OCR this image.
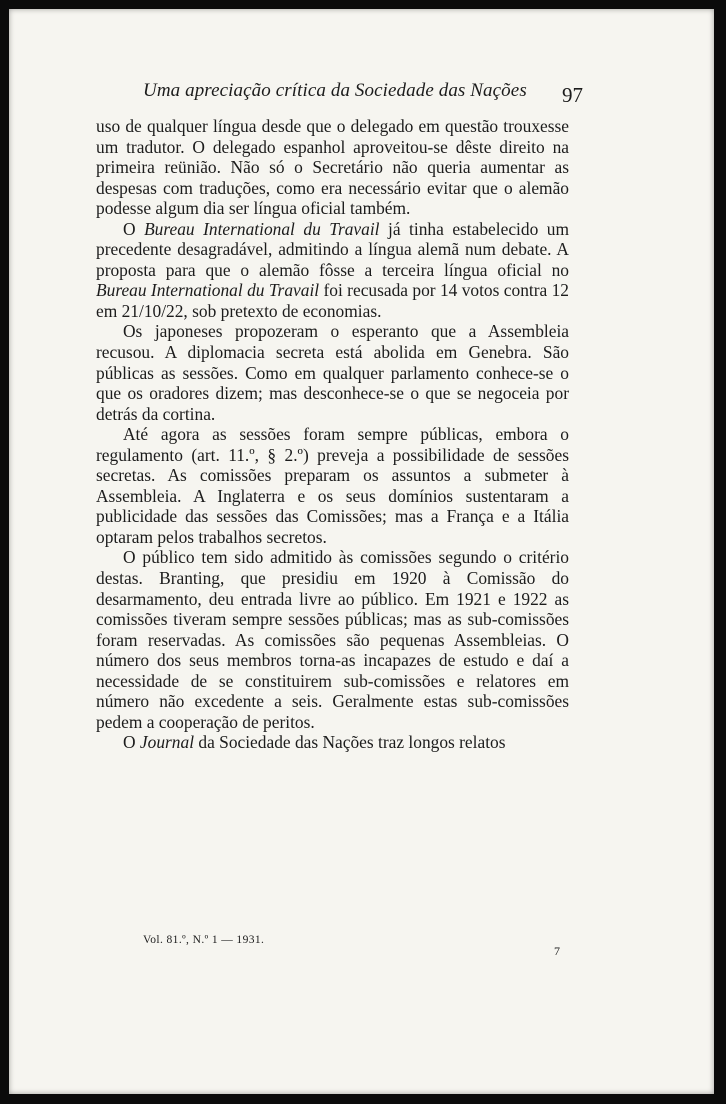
Uma apreciação crítica da Sociedade das Nações 97

uso de qualquer língua desde que o delegado em questão trouxesse um tradutor. O delegado espanhol aproveitou-se dêste direito na primeira reünião. Não só o Secretário não queria aumentar as despesas com traduções, como era necessário evitar que o alemão podesse algum dia ser língua oficial também.

O Bureau International du Travail já tinha estabelecido um precedente desagradável, admitindo a língua alemã num debate. A proposta para que o alemão fôsse a terceira língua oficial no Bureau International du Travail foi recusada por 14 votos contra 12 em 21/10/22, sob pretexto de economias.

Os japoneses propozeram o esperanto que a Assembleia recusou. A diplomacia secreta está abolida em Genebra. São públicas as sessões. Como em qualquer parlamento conhece-se o que os oradores dizem; mas desconhece-se o que se negoceia por detrás da cortina.

Até agora as sessões foram sempre públicas, embora o regulamento (art. 11.º, § 2.º) preveja a possibilidade de sessões secretas. As comissões preparam os assuntos a submeter à Assembleia. A Inglaterra e os seus domínios sustentaram a publicidade das sessões das Comissões; mas a França e a Itália optaram pelos trabalhos secretos.

O público tem sido admitido às comissões segundo o critério destas. Branting, que presidiu em 1920 à Comissão do desarmamento, deu entrada livre ao público. Em 1921 e 1922 as comissões tiveram sempre sessões públicas; mas as sub-comissões foram reservadas. As comissões são pequenas Assembleias. O número dos seus membros torna-as incapazes de estudo e daí a necessidade de se constituirem sub-comissões e relatores em número não excedente a seis. Geralmente estas sub-comissões pedem a cooperação de peritos.

O Journal da Sociedade das Nações traz longos relatos

Vol. 81.º, N.º 1 — 1931.
7
